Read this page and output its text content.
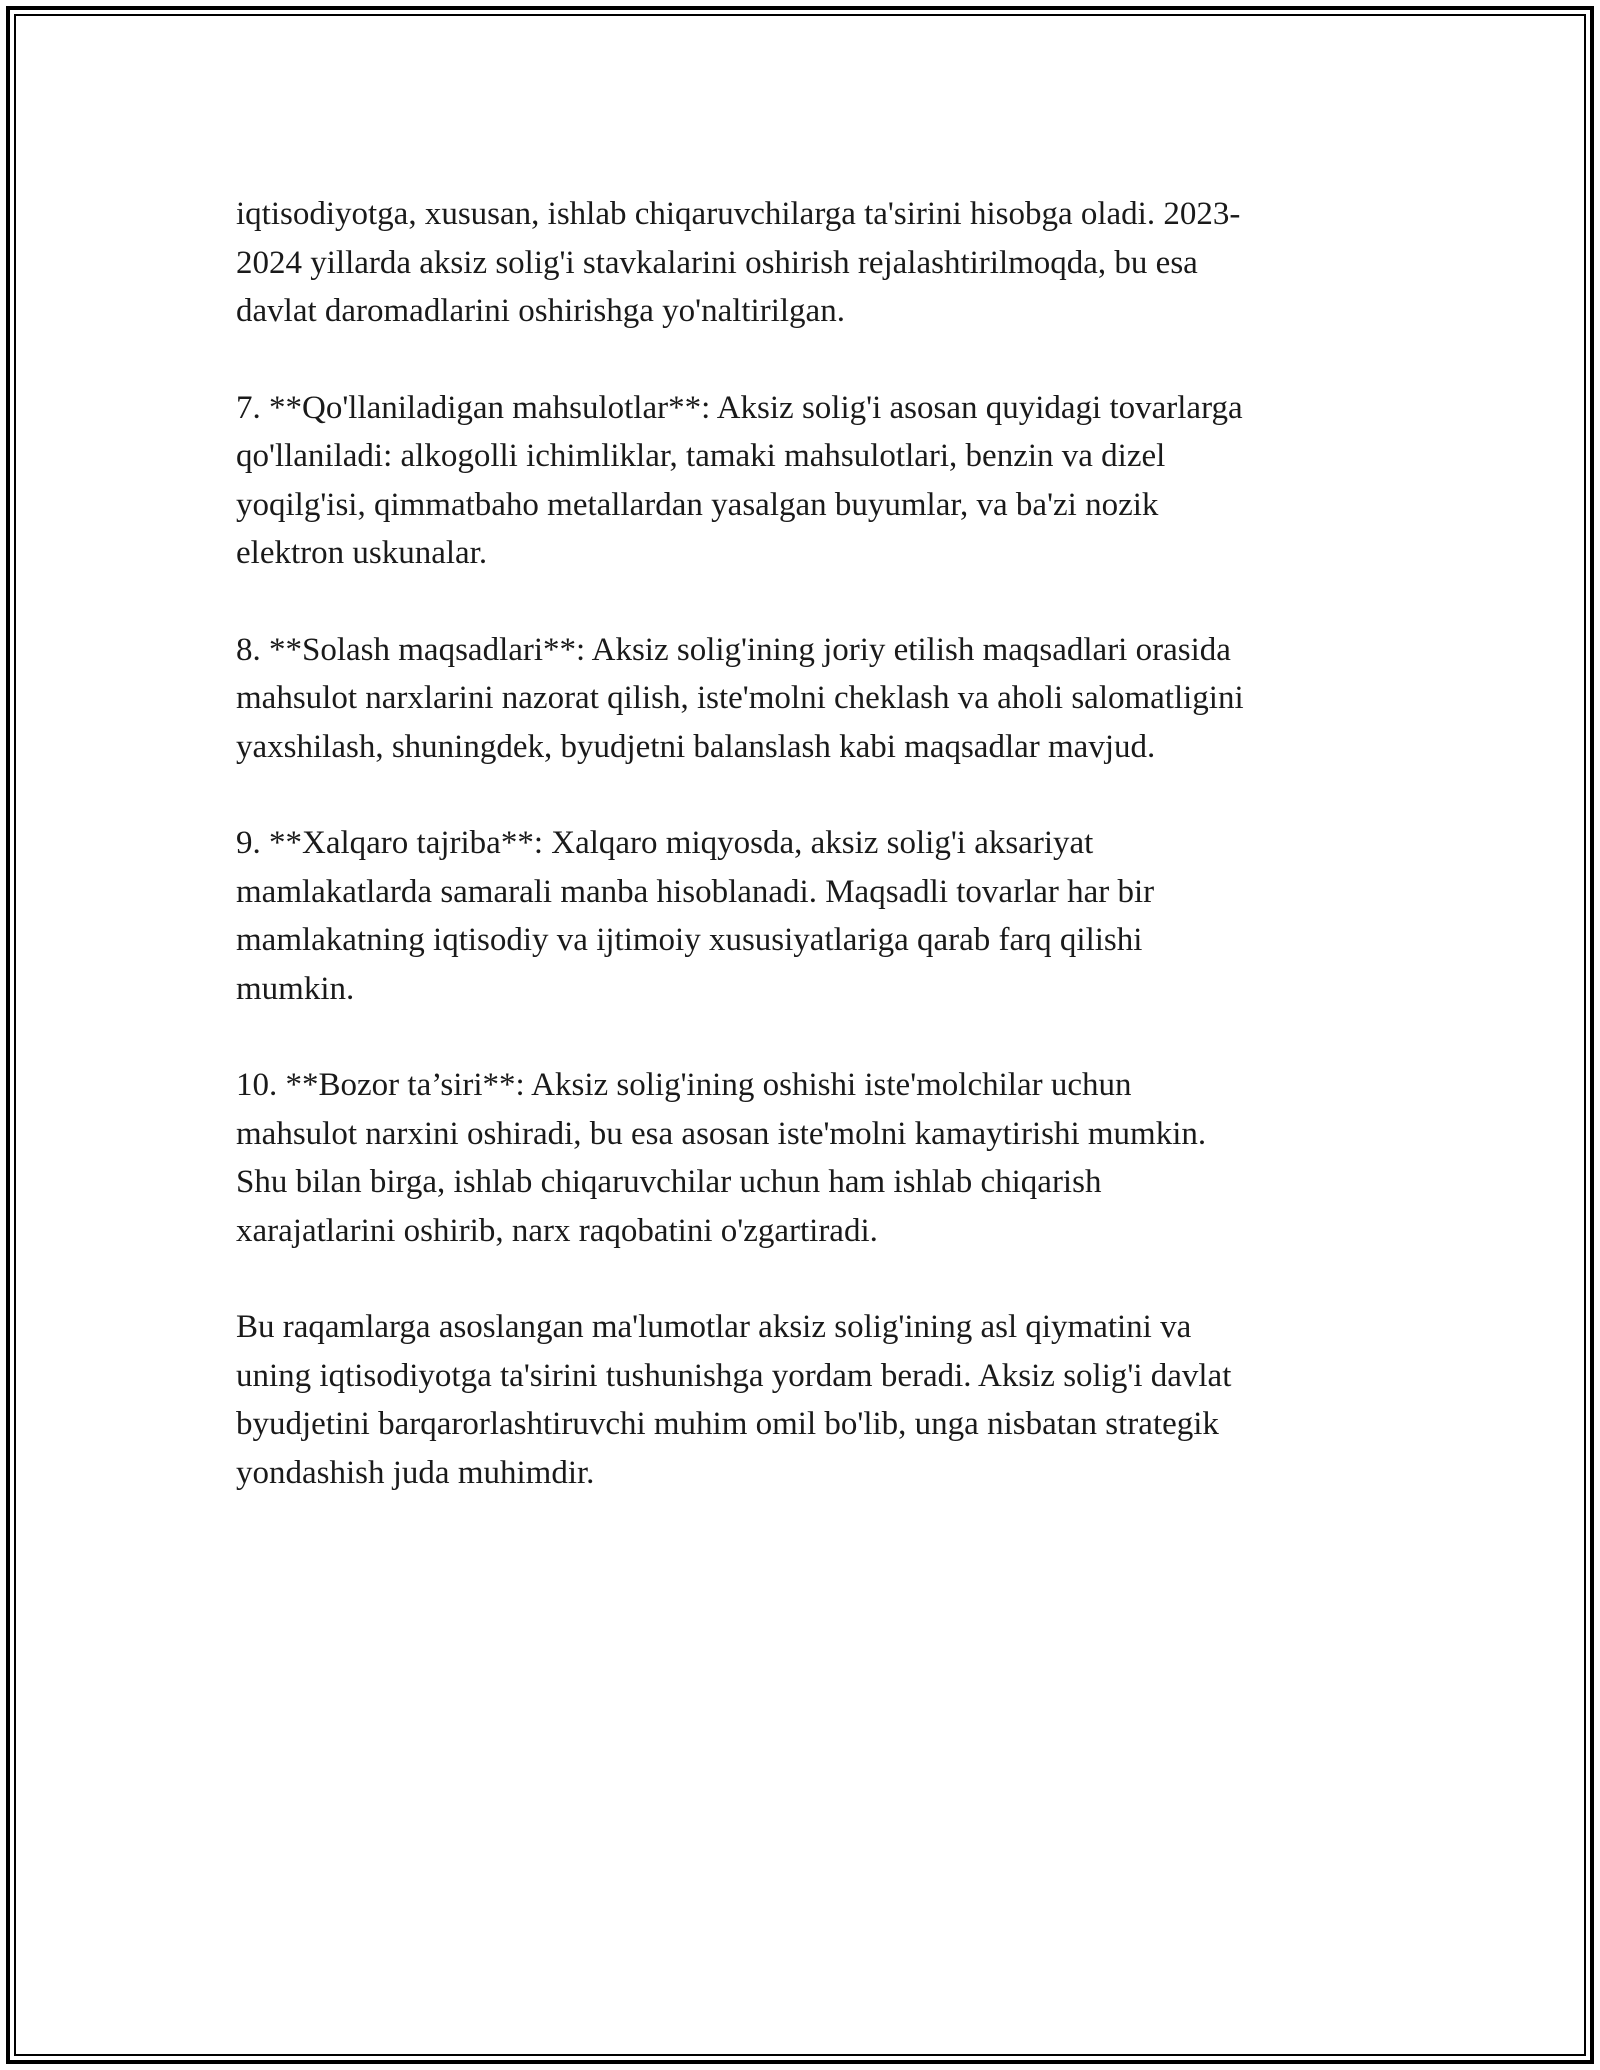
iqtisodiyotga, xususan, ishlab chiqaruvchilarga ta'sirini hisobga oladi. 2023-
2024 yillarda aksiz solig'i stavkalarini oshirish rejalashtirilmoqda, bu esa
davlat daromadlarini oshirishga yo'naltirilgan.

7. **Qo'llaniladigan mahsulotlar**: Aksiz solig'i asosan quyidagi tovarlarga
qo'llaniladi: alkogolli ichimliklar, tamaki mahsulotlari, benzin va dizel
yoqilg'isi, qimmatbaho metallardan yasalgan buyumlar, va ba'zi nozik
elektron uskunalar.

8. **Solash maqsadlari**: Aksiz solig'ining joriy etilish maqsadlari orasida
mahsulot narxlarini nazorat qilish, iste'molni cheklash va aholi salomatligini
yaxshilash, shuningdek, byudjetni balanslash kabi maqsadlar mavjud.

9. **Xalqaro tajriba**: Xalqaro miqyosda, aksiz solig'i aksariyat
mamlakatlarda samarali manba hisoblanadi. Maqsadli tovarlar har bir
mamlakatning iqtisodiy va ijtimoiy xususiyatlariga qarab farq qilishi
mumkin.

10. **Bozor ta’siri**: Aksiz solig'ining oshishi iste'molchilar uchun
mahsulot narxini oshiradi, bu esa asosan iste'molni kamaytirishi mumkin.
Shu bilan birga, ishlab chiqaruvchilar uchun ham ishlab chiqarish
xarajatlarini oshirib, narx raqobatini o'zgartiradi.

Bu raqamlarga asoslangan ma'lumotlar aksiz solig'ining asl qiymatini va
uning iqtisodiyotga ta'sirini tushunishga yordam beradi. Aksiz solig'i davlat
byudjetini barqarorlashtiruvchi muhim omil bo'lib, unga nisbatan strategik
yondashish juda muhimdir.
